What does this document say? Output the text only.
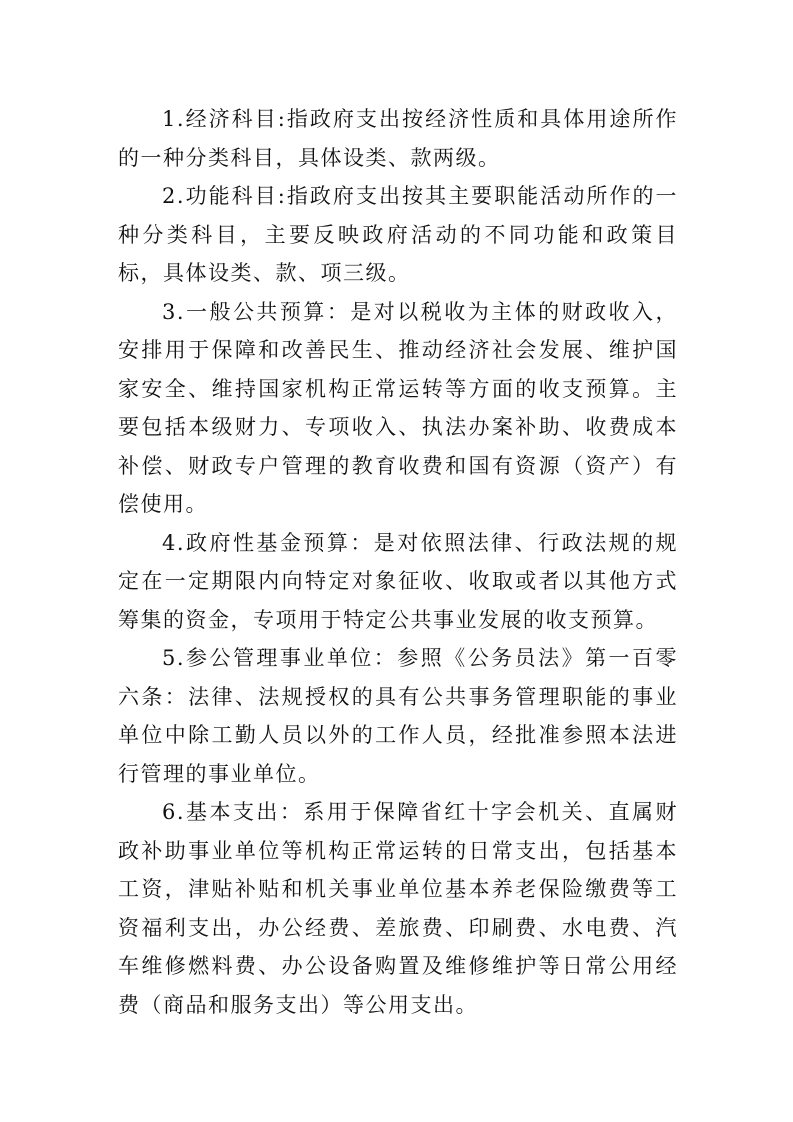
1.经济科目:指政府支出按经济性质和具体用途所作的一种分类科目，具体设类、款两级。

2.功能科目:指政府支出按其主要职能活动所作的一种分类科目，主要反映政府活动的不同功能和政策目标，具体设类、款、项三级。

3.一般公共预算：是对以税收为主体的财政收入，安排用于保障和改善民生、推动经济社会发展、维护国家安全、维持国家机构正常运转等方面的收支预算。主要包括本级财力、专项收入、执法办案补助、收费成本补偿、财政专户管理的教育收费和国有资源（资产）有偿使用。

4.政府性基金预算：是对依照法律、行政法规的规定在一定期限内向特定对象征收、收取或者以其他方式筹集的资金，专项用于特定公共事业发展的收支预算。

5.参公管理事业单位：参照《公务员法》第一百零六条：法律、法规授权的具有公共事务管理职能的事业单位中除工勤人员以外的工作人员，经批准参照本法进行管理的事业单位。

6.基本支出：系用于保障省红十字会机关、直属财政补助事业单位等机构正常运转的日常支出，包括基本工资，津贴补贴和机关事业单位基本养老保险缴费等工资福利支出，办公经费、差旅费、印刷费、水电费、汽车维修燃料费、办公设备购置及维修维护等日常公用经费（商品和服务支出）等公用支出。
